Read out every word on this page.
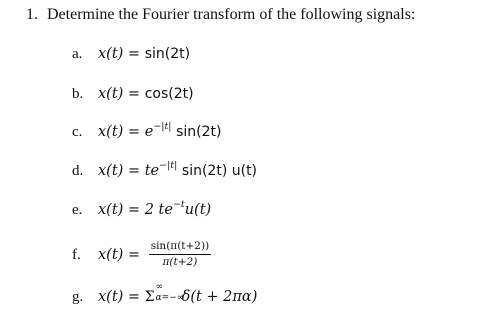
1. Determine the Fourier transform of the following signals:
a. x(t) = sin(2t)
b. x(t) = cos(2t)
c. $x(t) = e^{-|t|}$ sin(2t)
d. $x(t) = te^{-|t|}$ sin(2t) u(t)
e. x(t) = 2 $te^{-t}u(t)$
f. $x(t) = \frac{\sin(\pi(t+2))}{\pi(t+2)}$
g. x(t) = Σ
∞
α=−∞
δ(t + 2πα)
